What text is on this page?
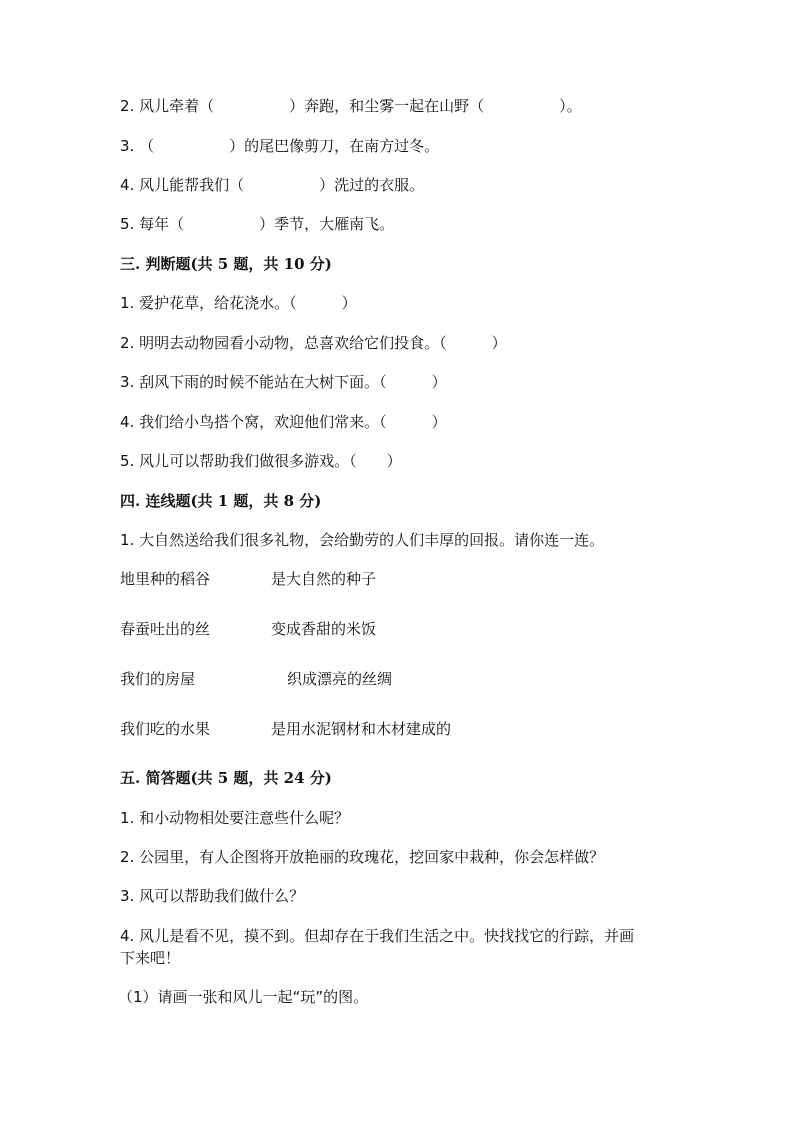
2. 风儿牵着（　　　　　）奔跑，和尘雾一起在山野（　　　　　）。
3. （　　　　　）的尾巴像剪刀，在南方过冬。
4. 风儿能帮我们（　　　　　）洗过的衣服。
5. 每年（　　　　　）季节，大雁南飞。
三. 判断题(共 5 题，共 10 分)
1. 爱护花草，给花浇水。（　　　）
2. 明明去动物园看小动物，总喜欢给它们投食。（　　　）
3. 刮风下雨的时候不能站在大树下面。（　　　）
4. 我们给小鸟搭个窝，欢迎他们常来。（　　　）
5. 风儿可以帮助我们做很多游戏。（　　）
四. 连线题(共 1 题，共 8 分)
1. 大自然送给我们很多礼物，会给勤劳的人们丰厚的回报。请你连一连。
地里种的稻谷	是大自然的种子
春蚕吐出的丝	变成香甜的米饭
我们的房屋	织成漂亮的丝绸
我们吃的水果	是用水泥钢材和木材建成的
五. 简答题(共 5 题，共 24 分)
1. 和小动物相处要注意些什么呢？
2. 公园里，有人企图将开放艳丽的玫瑰花，挖回家中栽种，你会怎样做？
3. 风可以帮助我们做什么？
4. 风儿是看不见，摸不到。但却存在于我们生活之中。快找找它的行踪，并画
下来吧！
（1）请画一张和风儿一起“玩”的图。
